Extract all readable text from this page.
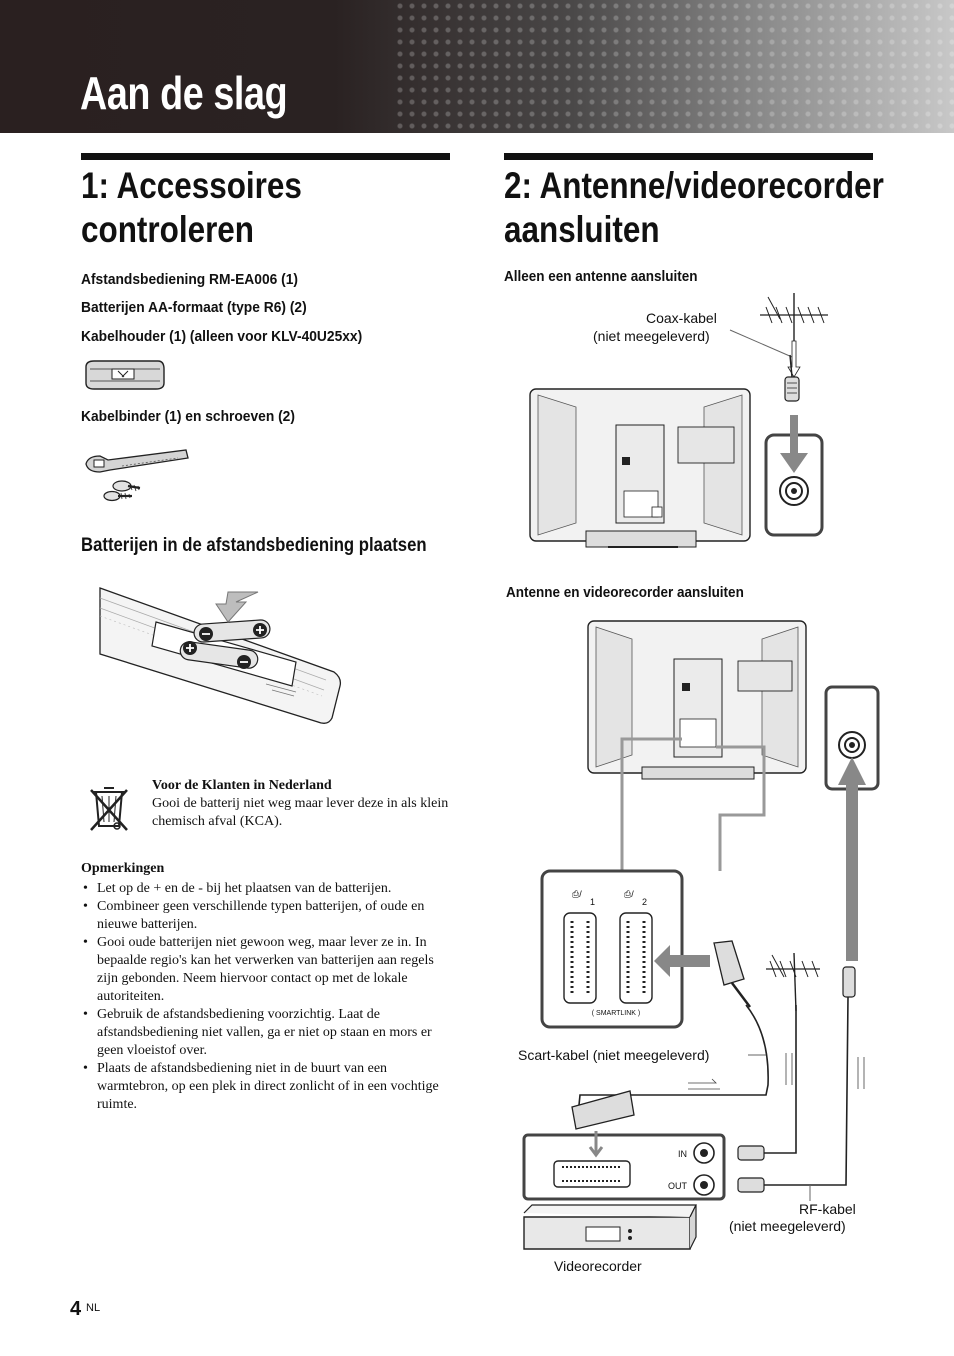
Aan de slag
1: Accessoires
controleren
Afstandsbediening RM-EA006 (1)
Batterijen AA-formaat (type R6) (2)
Kabelhouder (1) (alleen voor KLV-40U25xx)
Kabelbinder (1) en schroeven (2)
Batterijen in de afstandsbediening plaatsen
Voor de Klanten in Nederland
Gooi de batterij niet weg maar lever deze in als klein chemisch afval (KCA).
Opmerkingen
• Let op de + en de - bij het plaatsen van de batterijen.
• Combineer geen verschillende typen batterijen, of oude en nieuwe batterijen.
• Gooi oude batterijen niet gewoon weg, maar lever ze in. In bepaalde regio's kan het verwerken van batterijen aan regels zijn gebonden. Neem hiervoor contact op met de lokale autoriteiten.
• Gebruik de afstandsbediening voorzichtig. Laat de afstandsbediening niet vallen, ga er niet op staan en mors er geen vloeistof over.
• Plaats de afstandsbediening niet in de buurt van een warmtebron, op een plek in direct zonlicht of in een vochtige ruimte.
2: Antenne/videorecorder
aansluiten
Alleen een antenne aansluiten
Coax-kabel
(niet meegeleverd)
Antenne en videorecorder aansluiten
⎙/	⎙/
1	2
( SMARTLINK )
IN
OUT
Scart-kabel (niet meegeleverd)
RF-kabel
(niet meegeleverd)
Videorecorder
4 NL
